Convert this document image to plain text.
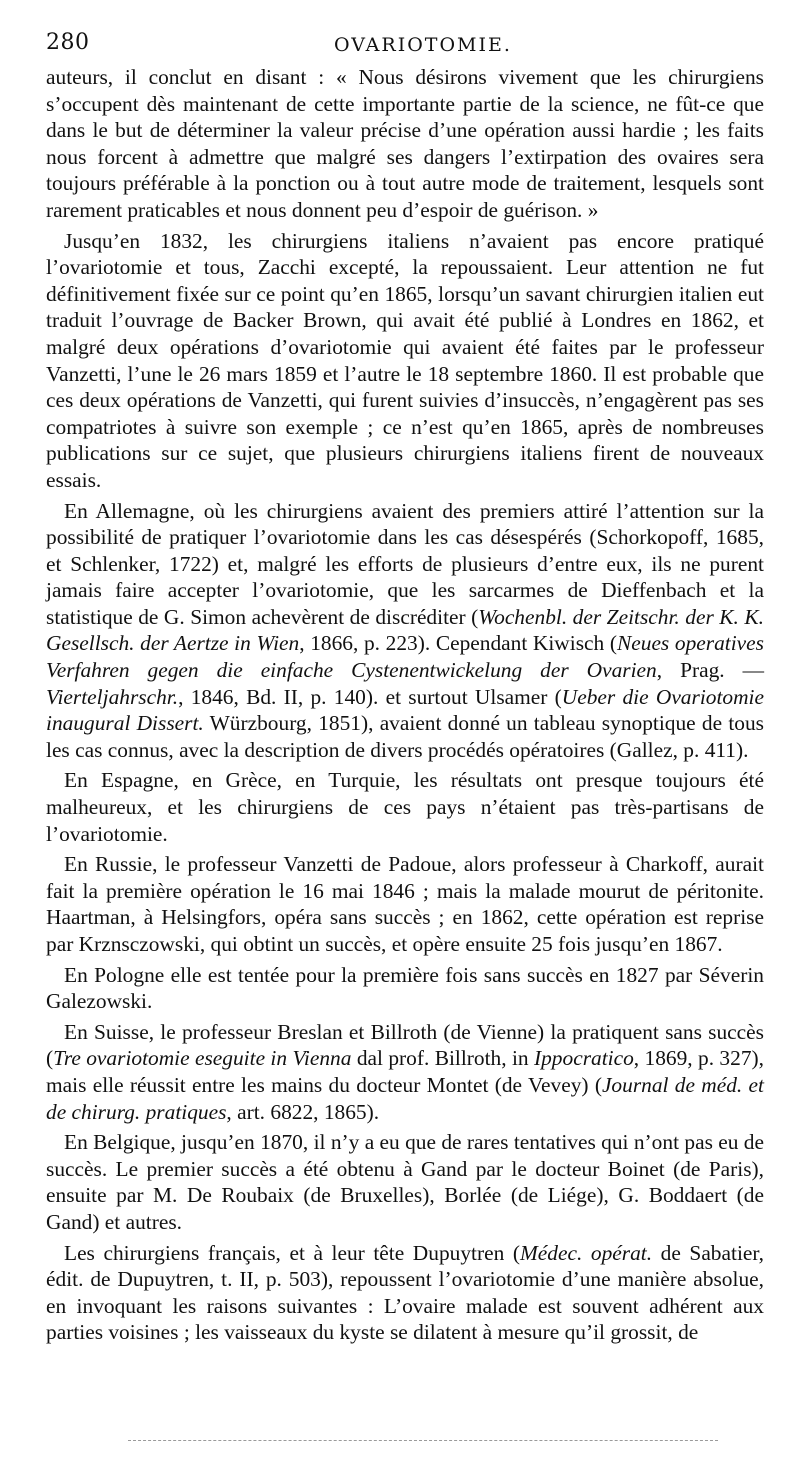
280	OVARIOTOMIE.

auteurs, il conclut en disant : « Nous désirons vivement que les chirurgiens s’occupent dès maintenant de cette importante partie de la science, ne fût-ce que dans le but de déterminer la valeur précise d’une opération aussi hardie ; les faits nous forcent à admettre que malgré ses dangers l’extirpation des ovaires sera toujours préférable à la ponction ou à tout autre mode de traitement, lesquels sont rarement praticables et nous donnent peu d’espoir de guérison. »

Jusqu’en 1832, les chirurgiens italiens n’avaient pas encore pratiqué l’ovariotomie et tous, Zacchi excepté, la repoussaient. Leur attention ne fut définitivement fixée sur ce point qu’en 1865, lorsqu’un savant chirurgien italien eut traduit l’ouvrage de Backer Brown, qui avait été publié à Londres en 1862, et malgré deux opérations d’ovariotomie qui avaient été faites par le professeur Vanzetti, l’une le 26 mars 1859 et l’autre le 18 septembre 1860. Il est probable que ces deux opérations de Vanzetti, qui furent suivies d’insuccès, n’engagèrent pas ses compatriotes à suivre son exemple ; ce n’est qu’en 1865, après de nombreuses publications sur ce sujet, que plusieurs chirurgiens italiens firent de nouveaux essais.

En Allemagne, où les chirurgiens avaient des premiers attiré l’attention sur la possibilité de pratiquer l’ovariotomie dans les cas désespérés (Schorkopoff, 1685, et Schlenker, 1722) et, malgré les efforts de plusieurs d’entre eux, ils ne purent jamais faire accepter l’ovariotomie, que les sarcarmes de Dieffenbach et la statistique de G. Simon achevèrent de discréditer (Wochenbl. der Zeitschr. der K. K. Gesellsch. der Aertze in Wien, 1866, p. 223). Cependant Kiwisch (Neues operatives Verfahren gegen die einfache Cystenentwickelung der Ovarien, Prag. — Vierteljahrschr., 1846, Bd. II, p. 140). et surtout Ulsamer (Ueber die Ovariotomie inaugural Dissert. Würzbourg, 1851), avaient donné un tableau synoptique de tous les cas connus, avec la description de divers procédés opératoires (Gallez, p. 411).

En Espagne, en Grèce, en Turquie, les résultats ont presque toujours été malheureux, et les chirurgiens de ces pays n’étaient pas très-partisans de l’ovariotomie.

En Russie, le professeur Vanzetti de Padoue, alors professeur à Charkoff, aurait fait la première opération le 16 mai 1846 ; mais la malade mourut de péritonite. Haartman, à Helsingfors, opéra sans succès ; en 1862, cette opération est reprise par Krznsczowski, qui obtint un succès, et opère ensuite 25 fois jusqu’en 1867.

En Pologne elle est tentée pour la première fois sans succès en 1827 par Séverin Galezowski.

En Suisse, le professeur Breslan et Billroth (de Vienne) la pratiquent sans succès (Tre ovariotomie eseguite in Vienna dal prof. Billroth, in Ippocratico, 1869, p. 327), mais elle réussit entre les mains du docteur Montet (de Vevey) (Journal de méd. et de chirurg. pratiques, art. 6822, 1865).

En Belgique, jusqu’en 1870, il n’y a eu que de rares tentatives qui n’ont pas eu de succès. Le premier succès a été obtenu à Gand par le docteur Boinet (de Paris), ensuite par M. De Roubaix (de Bruxelles), Borlée (de Liége), G. Boddaert (de Gand) et autres.

Les chirurgiens français, et à leur tête Dupuytren (Médec. opérat. de Sabatier, édit. de Dupuytren, t. II, p. 503), repoussent l’ovariotomie d’une manière absolue, en invoquant les raisons suivantes : L’ovaire malade est souvent adhérent aux parties voisines ; les vaisseaux du kyste se dilatent à mesure qu’il grossit, de
